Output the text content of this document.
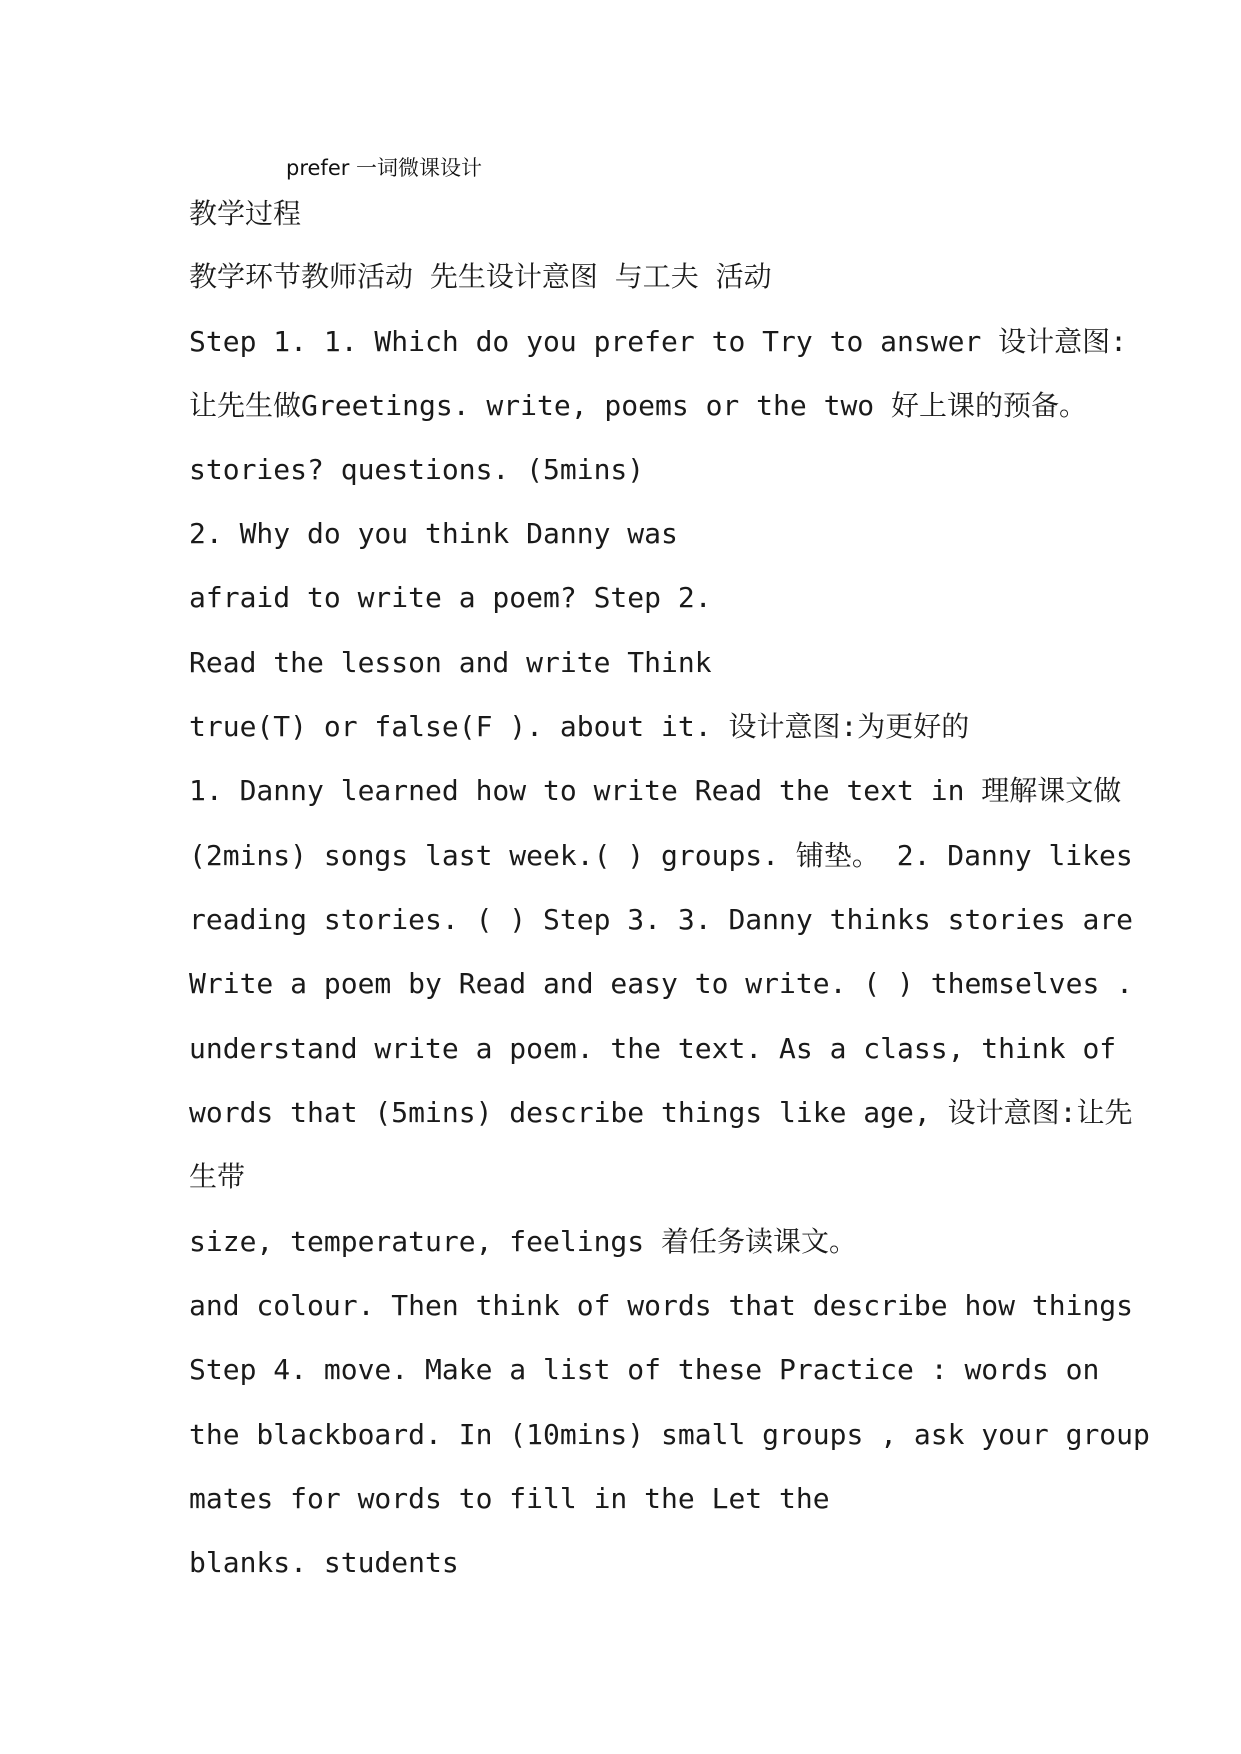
prefer 一词微课设计
教学过程
教学环节教师活动 先生设计意图 与工夫 活动
Step 1. 1. Which do you prefer to Try to answer 设计意图:
让先生做Greetings. write, poems or the two 好上课的预备。
stories? questions. (5mins)
2. Why do you think Danny was
afraid to write a poem? Step 2.
Read the lesson and write Think
true(T) or false(F ). about it. 设计意图:为更好的
1. Danny learned how to write Read the text in 理解课文做
(2mins) songs last week.( ) groups. 铺垫。 2. Danny likes
reading stories. ( ) Step 3. 3. Danny thinks stories are
Write a poem by Read and easy to write. ( ) themselves .
understand write a poem. the text. As a class, think of
words that (5mins) describe things like age, 设计意图:让先
生带
size, temperature, feelings 着任务读课文。
and colour. Then think of words that describe how things
Step 4. move. Make a list of these Practice : words on
the blackboard. In (10mins) small groups , ask your group
mates for words to fill in the Let the
blanks. students
